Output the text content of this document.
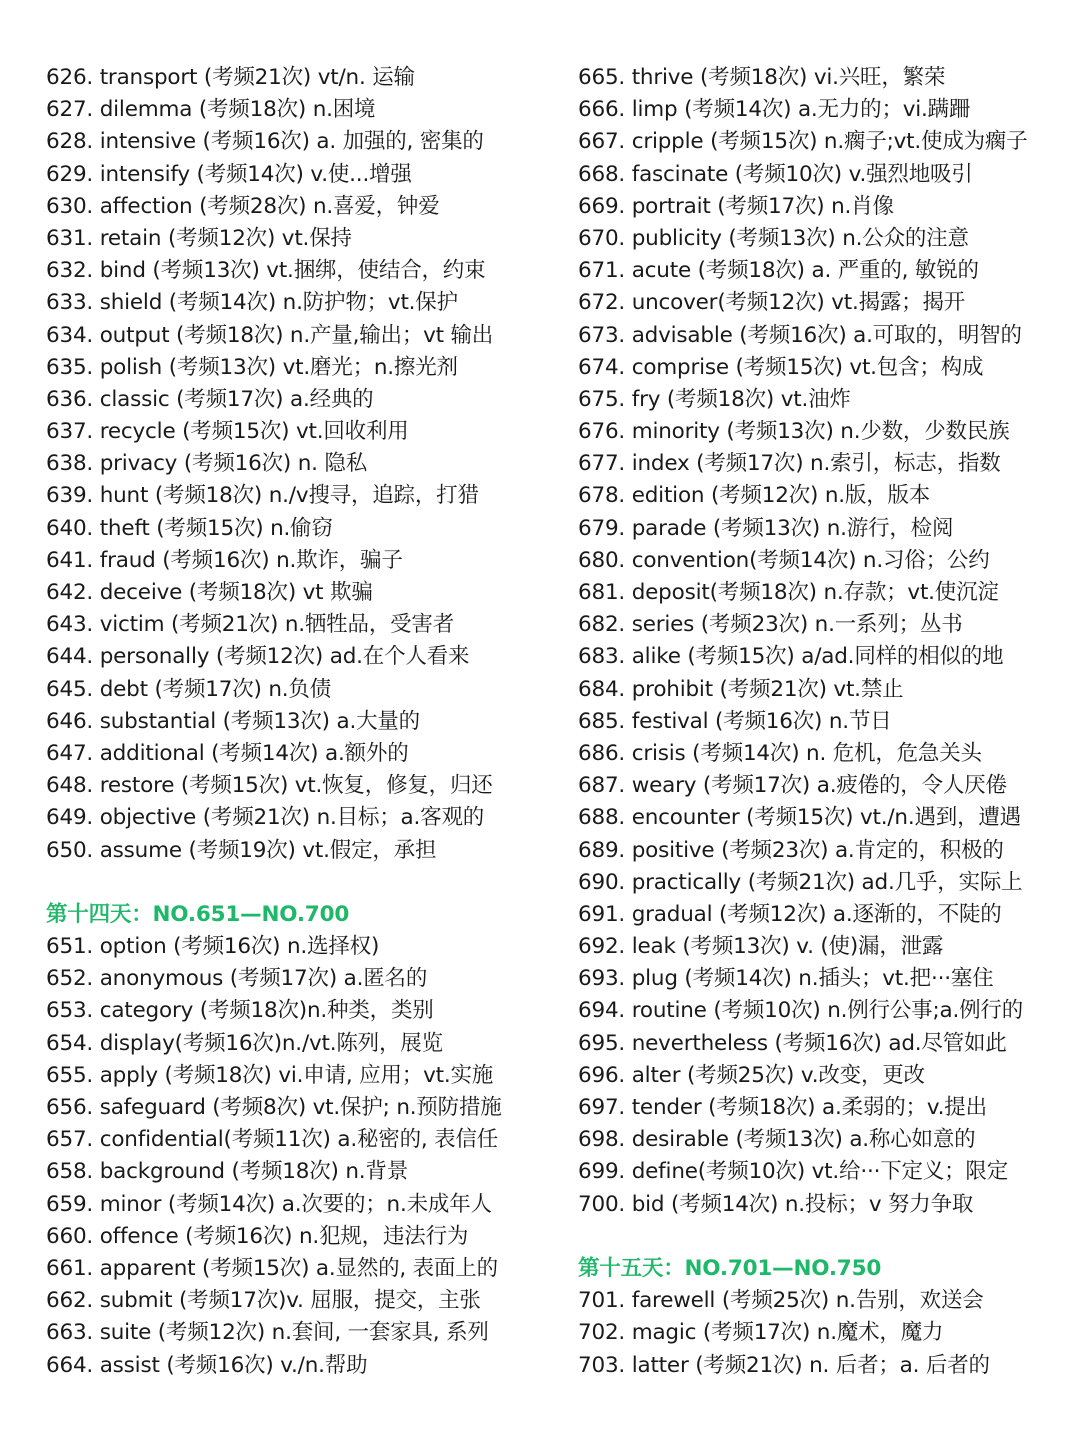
626. transport (考频21次) vt/n. 运输
627. dilemma (考频18次) n.困境
628. intensive (考频16次) a. 加强的, 密集的
629. intensify (考频14次) v.使...增强
630. affection (考频28次) n.喜爱，钟爱
631. retain (考频12次) vt.保持
632. bind (考频13次) vt.捆绑，使结合，约束
633. shield (考频14次) n.防护物；vt.保护
634. output (考频18次) n.产量,输出；vt 输出
635. polish (考频13次) vt.磨光；n.擦光剂
636. classic (考频17次) a.经典的
637. recycle (考频15次) vt.回收利用
638. privacy (考频16次) n. 隐私
639. hunt (考频18次) n./v搜寻，追踪，打猎
640. theft (考频15次) n.偷窃
641. fraud (考频16次) n.欺诈，骗子
642. deceive (考频18次) vt 欺骗
643. victim (考频21次) n.牺牲品，受害者
644. personally (考频12次) ad.在个人看来
645. debt (考频17次) n.负债
646. substantial (考频13次) a.大量的
647. additional (考频14次) a.额外的
648. restore (考频15次) vt.恢复，修复，归还
649. objective (考频21次) n.目标；a.客观的
650. assume (考频19次) vt.假定，承担
第十四天：NO.651—NO.700
651. option (考频16次) n.选择权)
652. anonymous (考频17次) a.匿名的
653. category (考频18次)n.种类，类别
654. display(考频16次)n./vt.陈列，展览
655. apply (考频18次) vi.申请, 应用；vt.实施
656. safeguard (考频8次) vt.保护; n.预防措施
657. confidential(考频11次) a.秘密的, 表信任
658. background (考频18次) n.背景
659. minor (考频14次) a.次要的；n.未成年人
660. offence (考频16次) n.犯规，违法行为
661. apparent (考频15次) a.显然的, 表面上的
662. submit (考频17次)v. 屈服，提交，主张
663. suite (考频12次) n.套间, 一套家具, 系列
664. assist (考频16次) v./n.帮助
665. thrive (考频18次) vi.兴旺，繁荣
666. limp (考频14次) a.无力的；vi.蹒跚
667. cripple (考频15次) n.瘸子;vt.使成为瘸子
668. fascinate (考频10次) v.强烈地吸引
669. portrait (考频17次) n.肖像
670. publicity (考频13次) n.公众的注意
671. acute (考频18次) a. 严重的, 敏锐的
672. uncover(考频12次) vt.揭露；揭开
673. advisable (考频16次) a.可取的，明智的
674. comprise (考频15次) vt.包含；构成
675. fry (考频18次) vt.油炸
676. minority (考频13次) n.少数，少数民族
677. index (考频17次) n.索引，标志，指数
678. edition (考频12次) n.版，版本
679. parade (考频13次) n.游行，检阅
680. convention(考频14次) n.习俗；公约
681. deposit(考频18次) n.存款；vt.使沉淀
682. series (考频23次) n.一系列；丛书
683. alike (考频15次) a/ad.同样的相似的地
684. prohibit (考频21次) vt.禁止
685. festival (考频16次) n.节日
686. crisis (考频14次) n. 危机，危急关头
687. weary (考频17次) a.疲倦的，令人厌倦
688. encounter (考频15次) vt./n.遇到，遭遇
689. positive (考频23次) a.肯定的，积极的
690. practically (考频21次) ad.几乎，实际上
691. gradual (考频12次) a.逐渐的，不陡的
692. leak (考频13次) v. (使)漏，泄露
693. plug (考频14次) n.插头；vt.把···塞住
694. routine (考频10次) n.例行公事;a.例行的
695. nevertheless (考频16次) ad.尽管如此
696. alter (考频25次) v.改变，更改
697. tender (考频18次) a.柔弱的；v.提出
698. desirable (考频13次) a.称心如意的
699. define(考频10次) vt.给···下定义；限定
700. bid (考频14次) n.投标；v 努力争取
第十五天：NO.701—NO.750
701. farewell (考频25次) n.告别，欢送会
702. magic (考频17次) n.魔术，魔力
703. latter (考频21次) n. 后者；a. 后者的
